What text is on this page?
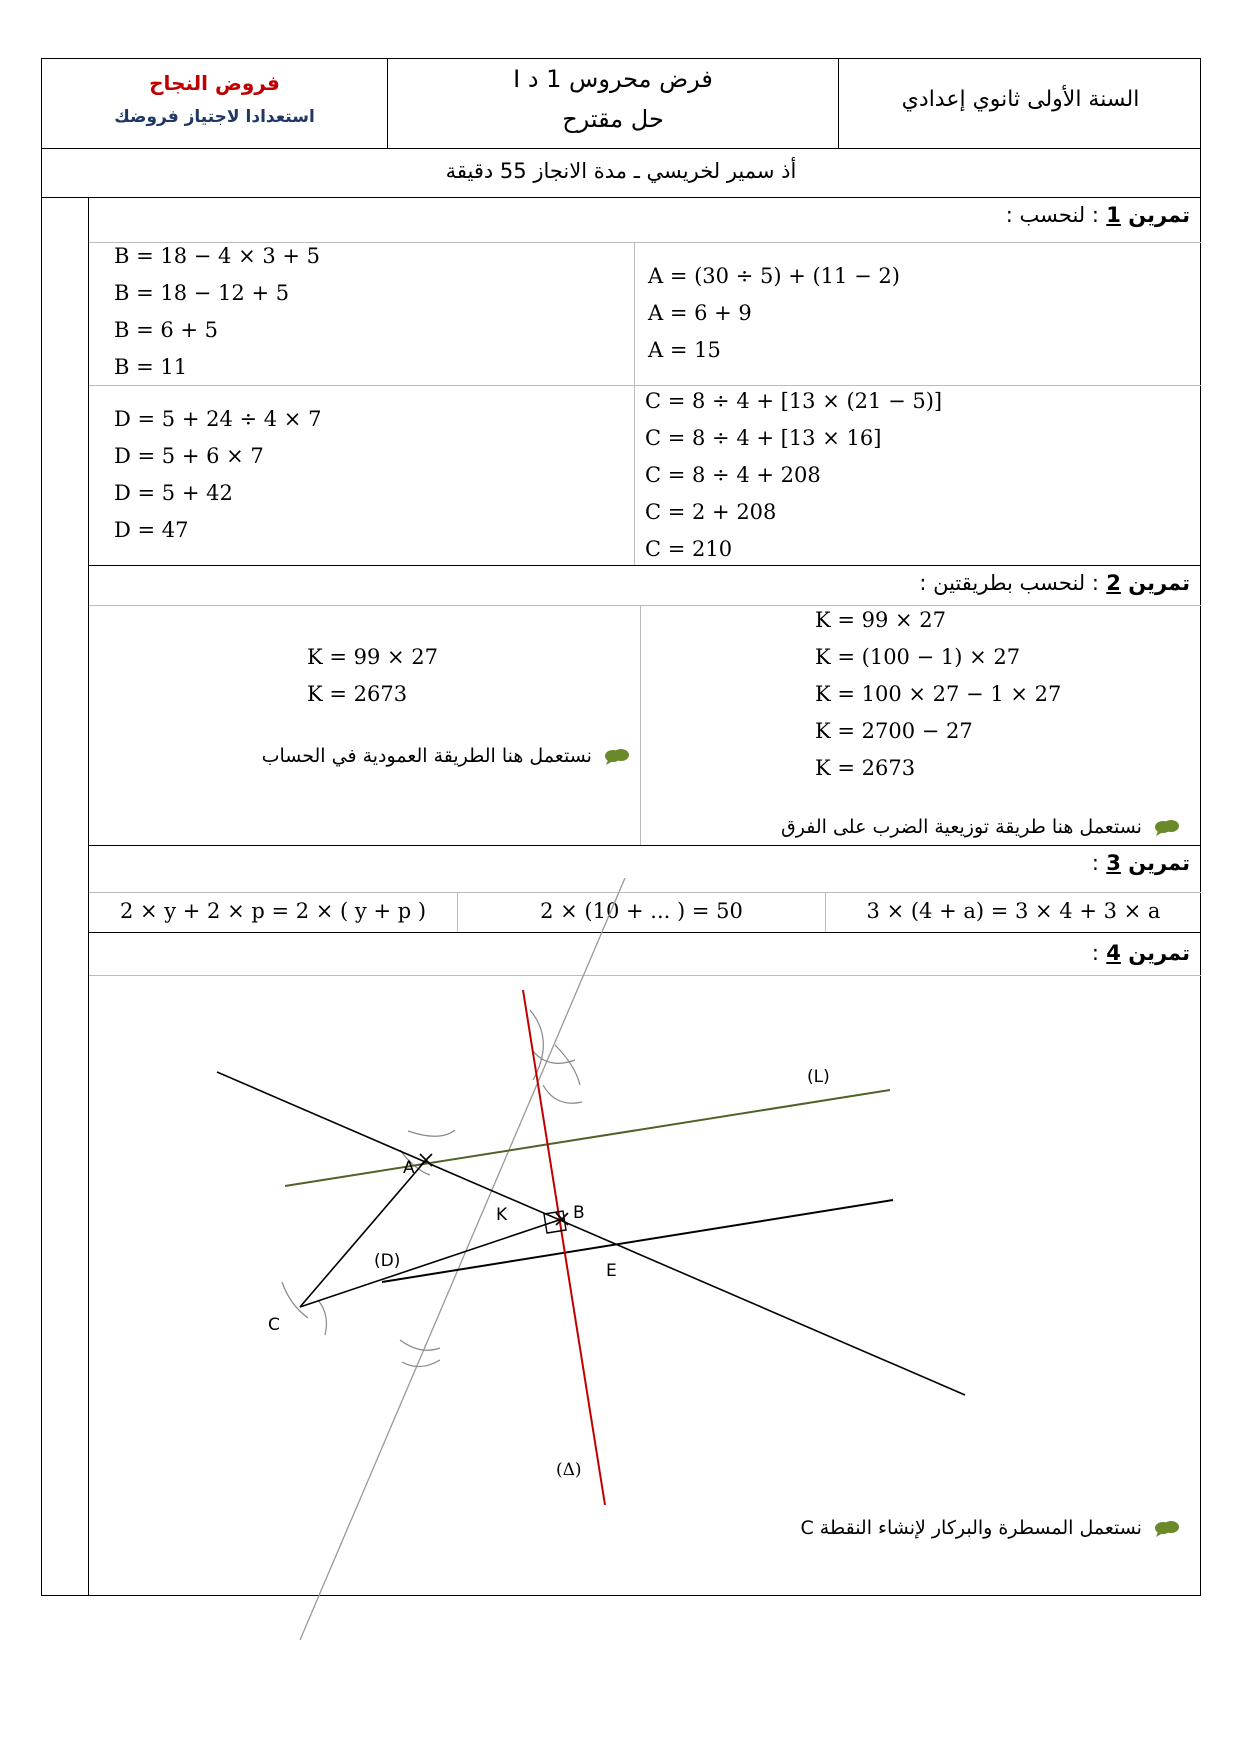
فروض النجاح
استعدادا لاجتياز فروضك
فرض محروس 1 د I
حل مقترح
السنة الأولى ثانوي إعدادي
أذ سمير لخريسي ـ مدة الانجاز 55 دقيقة
تمرين 1 : لنحسب :
A = (30 ÷ 5) + (11 − 2)
A = 6 + 9
A = 15
B = 18 − 4 × 3 + 5
B = 18 − 12 + 5
B = 6 + 5
B = 11
C = 8 ÷ 4 + [13 × (21 − 5)]
C = 8 ÷ 4 + [13 × 16]
C = 8 ÷ 4 + 208
C = 2 + 208
C = 210
D = 5 + 24 ÷ 4 × 7
D = 5 + 6 × 7
D = 5 + 42
D = 47
تمرين 2 : لنحسب بطريقتين :
K = 99 × 27
K = (100 − 1) × 27
K = 100 × 27 − 1 × 27
K = 2700 − 27
K = 2673
نستعمل هنا طريقة توزيعية الضرب على الفرق
K = 99 × 27
K = 2673
نستعمل هنا الطريقة العمودية في الحساب
تمرين 3 :
3 × (4 + a) = 3 × 4 + 3 × a
2 × (10 + ... ) = 50
2 × y + 2 × p = 2 × ( y + p )
تمرين 4 :
(L)
A
K	B
(D)	E
C
(Δ)
نستعمل المسطرة والبركار لإنشاء النقطة C
